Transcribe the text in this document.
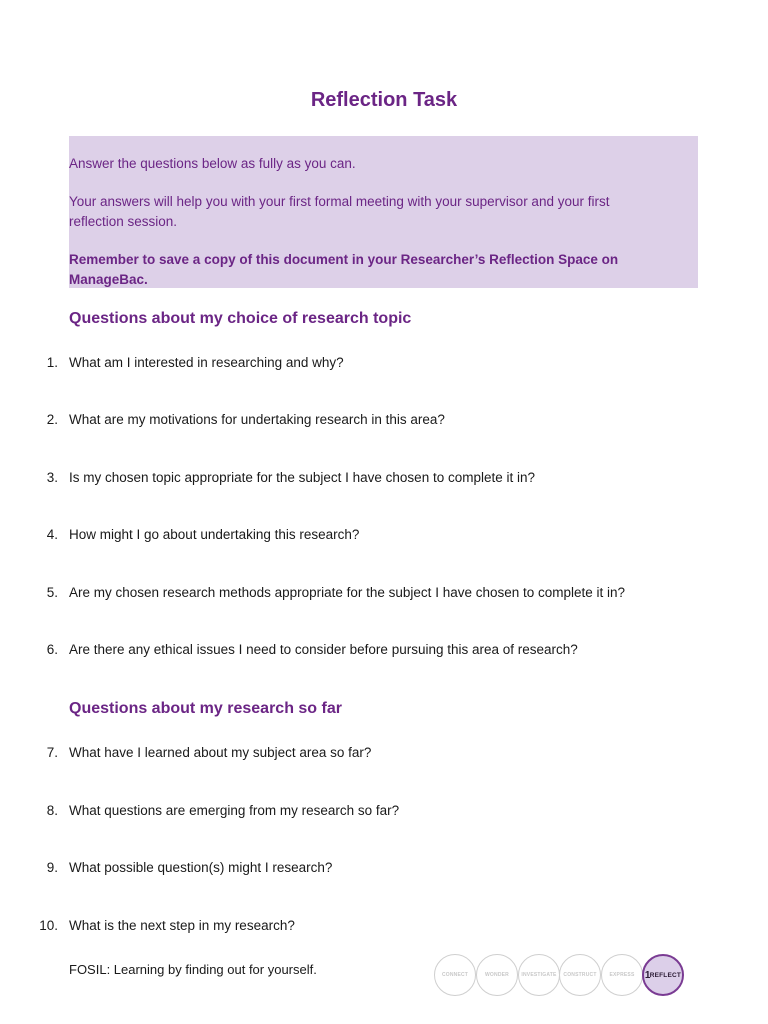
Reflection Task
Answer the questions below as fully as you can.
Your answers will help you with your first formal meeting with your supervisor and your first
reflection session.
Remember to save a copy of this document in your Researcher’s Reflection Space on ManageBac.
Questions about my choice of research topic
1. What am I interested in researching and why?
2. What are my motivations for undertaking research in this area?
3. Is my chosen topic appropriate for the subject I have chosen to complete it in?
4. How might I go about undertaking this research?
5. Are my chosen research methods appropriate for the subject I have chosen to complete it in?
6. Are there any ethical issues I need to consider before pursuing this area of research?
Questions about my research so far
7. What have I learned about my subject area so far?
8. What questions are emerging from my research so far?
9. What possible question(s) might I research?
10. What is the next step in my research?
FOSIL: Learning by finding out for yourself.	CONNECT	WONDER	INVESTIGATE	CONSTRUCT	EXPRESS	1 REFLECT
